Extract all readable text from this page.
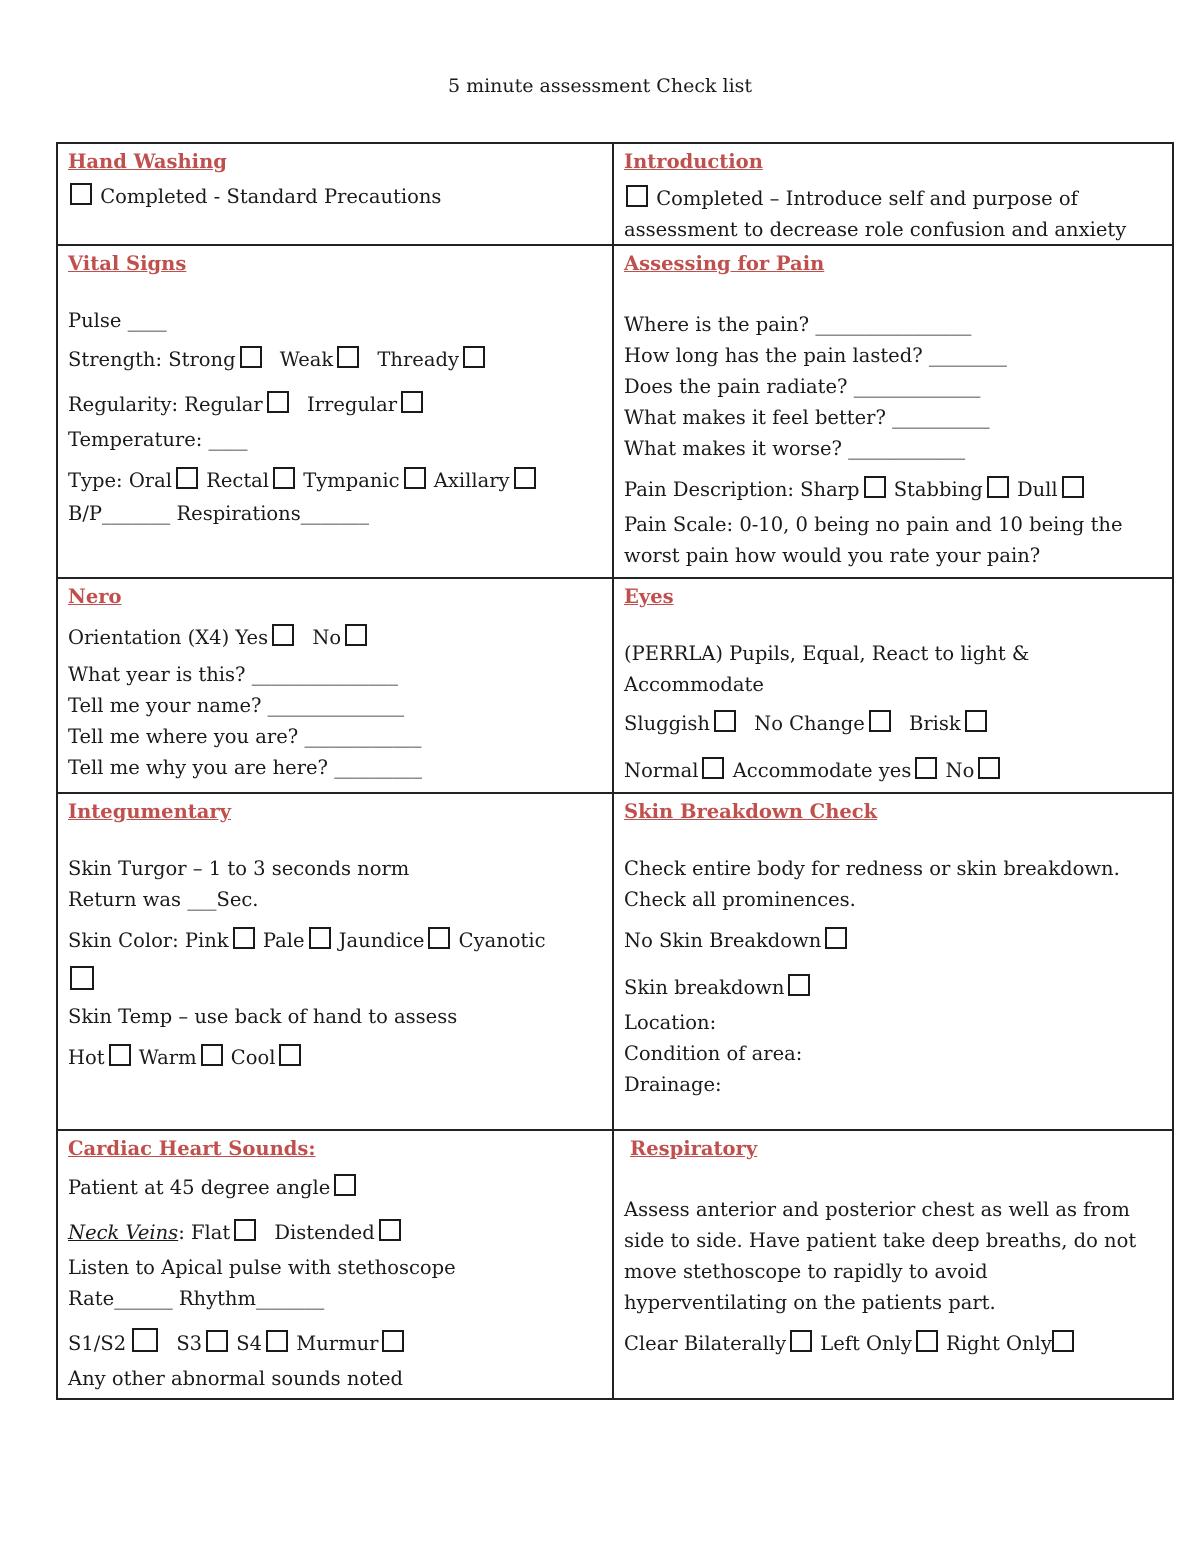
5 minute assessment Check list
Hand Washing
Completed - Standard Precautions
Introduction
Completed – Introduce self and purpose of
assessment to decrease role confusion and anxiety
Vital Signs
Pulse ____
Strength: Strong Weak Thready
Regularity: Regular Irregular
Temperature: ____
Type: Oral Rectal Tympanic Axillary
B/P_______ Respirations_______
Assessing for Pain
Where is the pain? ________________
How long has the pain lasted? ________
Does the pain radiate? _____________
What makes it feel better? __________
What makes it worse? ____________
Pain Description: Sharp Stabbing Dull
Pain Scale: 0-10, 0 being no pain and 10 being the
worst pain how would you rate your pain?
Nero
Orientation (X4) Yes No
What year is this? _______________
Tell me your name? ______________
Tell me where you are? ____________
Tell me why you are here? _________
Eyes
(PERRLA) Pupils, Equal, React to light &
Accommodate
Sluggish No Change Brisk
Normal Accommodate yes No
Integumentary
Skin Turgor – 1 to 3 seconds norm
Return was ___Sec.
Skin Color: Pink Pale Jaundice Cyanotic
Skin Temp – use back of hand to assess
Hot Warm Cool
Skin Breakdown Check
Check entire body for redness or skin breakdown.
Check all prominences.
No Skin Breakdown
Skin breakdown
Location:
Condition of area:
Drainage:
Cardiac Heart Sounds:
Patient at 45 degree angle
Neck Veins: Flat Distended
Listen to Apical pulse with stethoscope
Rate______ Rhythm_______
S1/S2	S3 S4 Murmur
Any other abnormal sounds noted
Respiratory
Assess anterior and posterior chest as well as from
side to side. Have patient take deep breaths, do not
move stethoscope to rapidly to avoid
hyperventilating on the patients part.
Clear Bilaterally Left Only Right Only
